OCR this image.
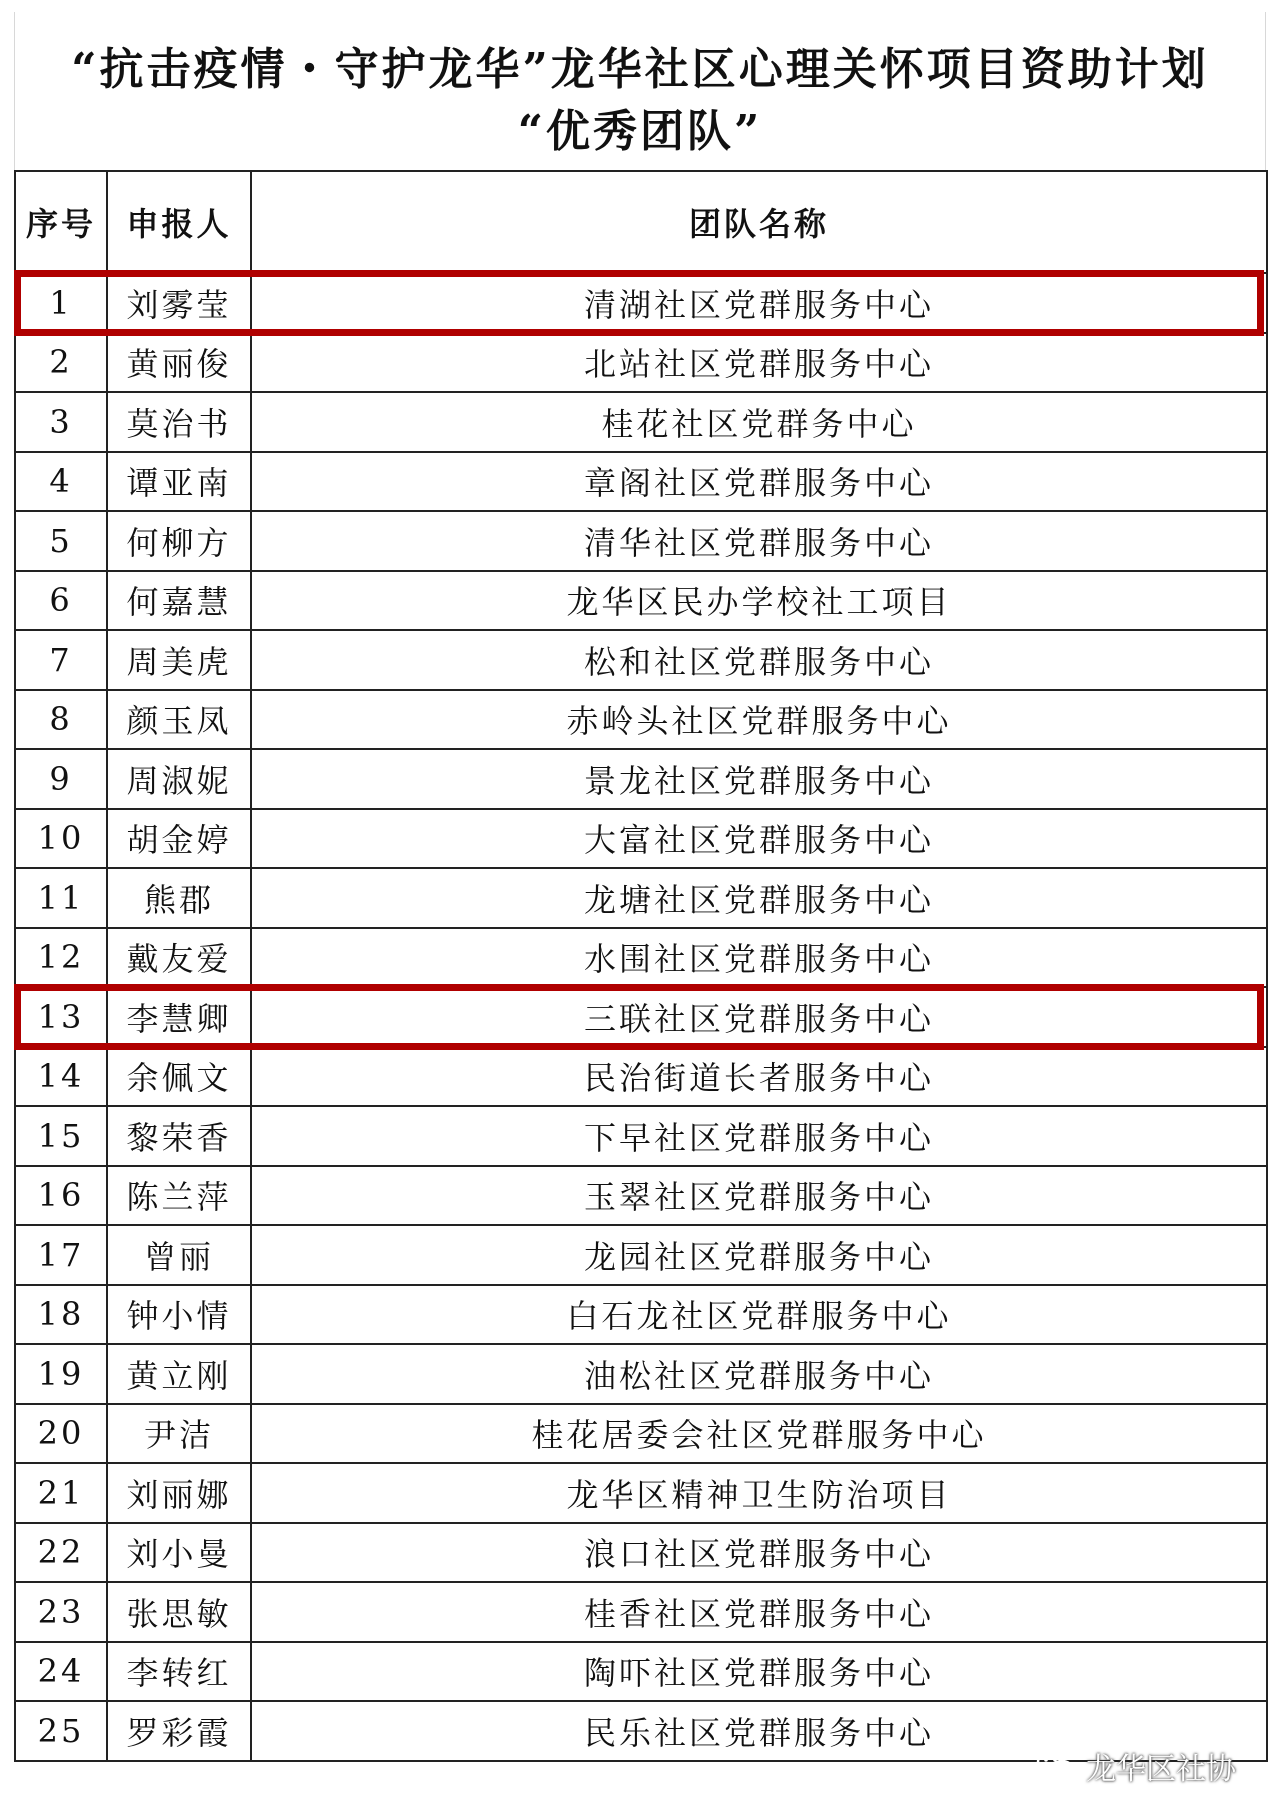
“抗击疫情・守护龙华”龙华社区心理关怀项目资助计划
“优秀团队”
序号	申报人	团队名称
1	刘雾莹	清湖社区党群服务中心
2	黄丽俊	北站社区党群服务中心
3	莫治书	桂花社区党群务中心
4	谭亚南	章阁社区党群服务中心
5	何柳方	清华社区党群服务中心
6	何嘉慧	龙华区民办学校社工项目
7	周美虎	松和社区党群服务中心
8	颜玉凤	赤岭头社区党群服务中心
9	周淑妮	景龙社区党群服务中心
10	胡金婷	大富社区党群服务中心
11	熊郡	龙塘社区党群服务中心
12	戴友爱	水围社区党群服务中心
13	李慧卿	三联社区党群服务中心
14	余佩文	民治街道长者服务中心
15	黎荣香	下早社区党群服务中心
16	陈兰萍	玉翠社区党群服务中心
17	曾丽	龙园社区党群服务中心
18	钟小情	白石龙社区党群服务中心
19	黄立刚	油松社区党群服务中心
20	尹洁	桂花居委会社区党群服务中心
21	刘丽娜	龙华区精神卫生防治项目
22	刘小曼	浪口社区党群服务中心
23	张思敏	桂香社区党群服务中心
24	李转红	陶吓社区党群服务中心
25	罗彩霞	民乐社区党群服务中心
龙华区社协
